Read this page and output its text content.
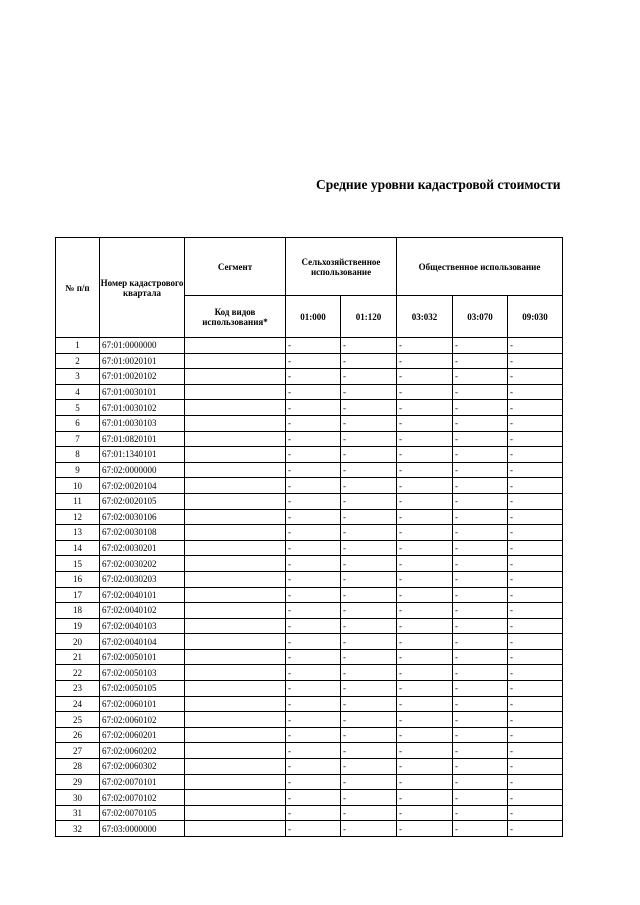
Средние уровни кадастровой стоимости
№ п/п	Номер кадастрового квартала	Сегмент	Сельхозяйственное использование		Общественное использование		
		Код видов использования*	01:000	01:120	03:032	03:070	09:030
1	67:01:0000000		-	-	-	-	-
2	67:01:0020101		-	-	-	-	-
3	67:01:0020102		-	-	-	-	-
4	67:01:0030101		-	-	-	-	-
5	67:01:0030102		-	-	-	-	-
6	67:01:0030103		-	-	-	-	-
7	67:01:0820101		-	-	-	-	-
8	67:01:1340101		-	-	-	-	-
9	67:02:0000000		-	-	-	-	-
10	67:02:0020104		-	-	-	-	-
11	67:02:0020105		-	-	-	-	-
12	67:02:0030106		-	-	-	-	-
13	67:02:0030108		-	-	-	-	-
14	67:02:0030201		-	-	-	-	-
15	67:02:0030202		-	-	-	-	-
16	67:02:0030203		-	-	-	-	-
17	67:02:0040101		-	-	-	-	-
18	67:02:0040102		-	-	-	-	-
19	67:02:0040103		-	-	-	-	-
20	67:02:0040104		-	-	-	-	-
21	67:02:0050101		-	-	-	-	-
22	67:02:0050103		-	-	-	-	-
23	67:02:0050105		-	-	-	-	-
24	67:02:0060101		-	-	-	-	-
25	67:02:0060102		-	-	-	-	-
26	67:02:0060201		-	-	-	-	-
27	67:02:0060202		-	-	-	-	-
28	67:02:0060302		-	-	-	-	-
29	67:02:0070101		-	-	-	-	-
30	67:02:0070102		-	-	-	-	-
31	67:02:0070105		-	-	-	-	-
32	67:03:0000000		-	-	-	-	-
